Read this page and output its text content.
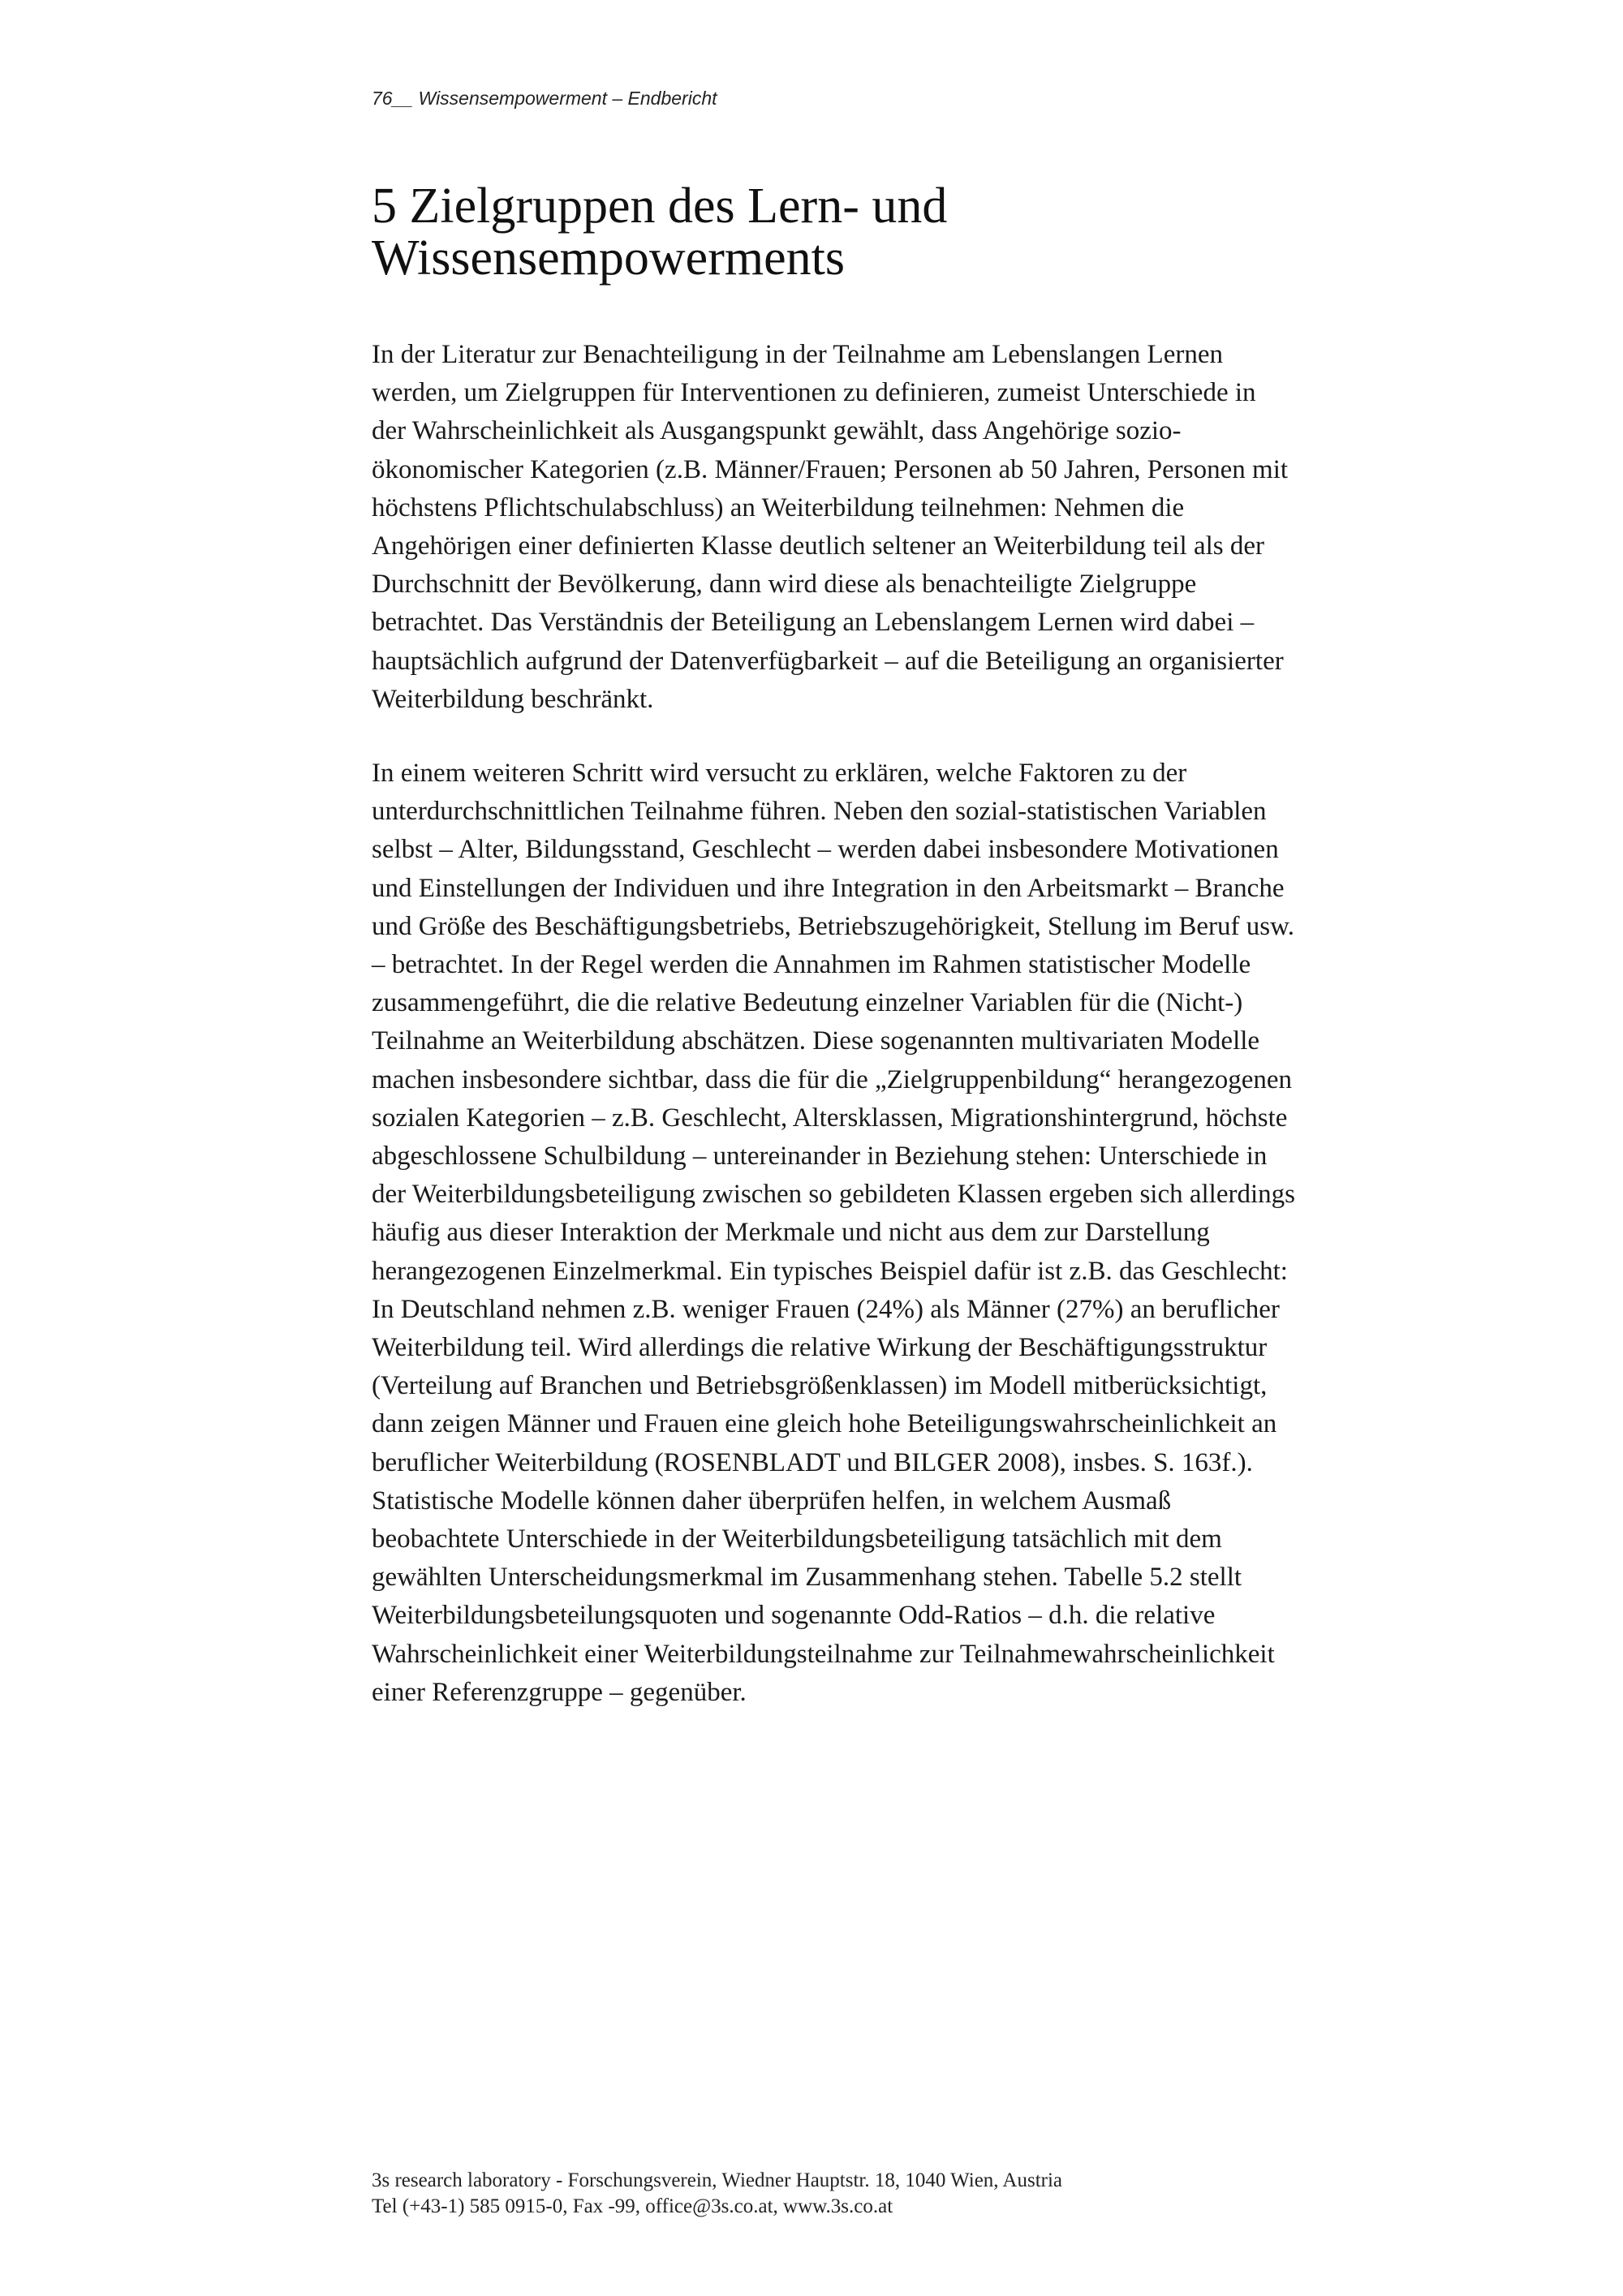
76__ Wissensempowerment – Endbericht
5 Zielgruppen des Lern- und
Wissensempowerments
In der Literatur zur Benachteiligung in der Teilnahme am Lebenslangen Lernen
werden, um Zielgruppen für Interventionen zu definieren, zumeist Unterschiede in
der Wahrscheinlichkeit als Ausgangspunkt gewählt, dass Angehörige sozio-
ökonomischer Kategorien (z.B. Männer/Frauen; Personen ab 50 Jahren, Personen mit
höchstens Pflichtschulabschluss) an Weiterbildung teilnehmen: Nehmen die
Angehörigen einer definierten Klasse deutlich seltener an Weiterbildung teil als der
Durchschnitt der Bevölkerung, dann wird diese als benachteiligte Zielgruppe
betrachtet. Das Verständnis der Beteiligung an Lebenslangem Lernen wird dabei –
hauptsächlich aufgrund der Datenverfügbarkeit – auf die Beteiligung an organisierter
Weiterbildung beschränkt.
In einem weiteren Schritt wird versucht zu erklären, welche Faktoren zu der
unterdurchschnittlichen Teilnahme führen. Neben den sozial-statistischen Variablen
selbst – Alter, Bildungsstand, Geschlecht – werden dabei insbesondere Motivationen
und Einstellungen der Individuen und ihre Integration in den Arbeitsmarkt – Branche
und Größe des Beschäftigungsbetriebs, Betriebszugehörigkeit, Stellung im Beruf usw.
– betrachtet. In der Regel werden die Annahmen im Rahmen statistischer Modelle
zusammengeführt, die die relative Bedeutung einzelner Variablen für die (Nicht-)
Teilnahme an Weiterbildung abschätzen. Diese sogenannten multivariaten Modelle
machen insbesondere sichtbar, dass die für die „Zielgruppenbildung“ herangezogenen
sozialen Kategorien – z.B. Geschlecht, Altersklassen, Migrationshintergrund, höchste
abgeschlossene Schulbildung – untereinander in Beziehung stehen: Unterschiede in
der Weiterbildungsbeteiligung zwischen so gebildeten Klassen ergeben sich allerdings
häufig aus dieser Interaktion der Merkmale und nicht aus dem zur Darstellung
herangezogenen Einzelmerkmal. Ein typisches Beispiel dafür ist z.B. das Geschlecht:
In Deutschland nehmen z.B. weniger Frauen (24%) als Männer (27%) an beruflicher
Weiterbildung teil. Wird allerdings die relative Wirkung der Beschäftigungsstruktur
(Verteilung auf Branchen und Betriebsgrößenklassen) im Modell mitberücksichtigt,
dann zeigen Männer und Frauen eine gleich hohe Beteiligungswahrscheinlichkeit an
beruflicher Weiterbildung (ROSENBLADT und BILGER 2008), insbes. S. 163f.).
Statistische Modelle können daher überprüfen helfen, in welchem Ausmaß
beobachtete Unterschiede in der Weiterbildungsbeteiligung tatsächlich mit dem
gewählten Unterscheidungsmerkmal im Zusammenhang stehen. Tabelle 5.2 stellt
Weiterbildungsbeteilungsquoten und sogenannte Odd-Ratios – d.h. die relative
Wahrscheinlichkeit einer Weiterbildungsteilnahme zur Teilnahmewahrscheinlichkeit
einer Referenzgruppe – gegenüber.
3s research laboratory - Forschungsverein, Wiedner Hauptstr. 18, 1040 Wien, Austria
Tel (+43-1) 585 0915-0, Fax -99, office@3s.co.at, www.3s.co.at
